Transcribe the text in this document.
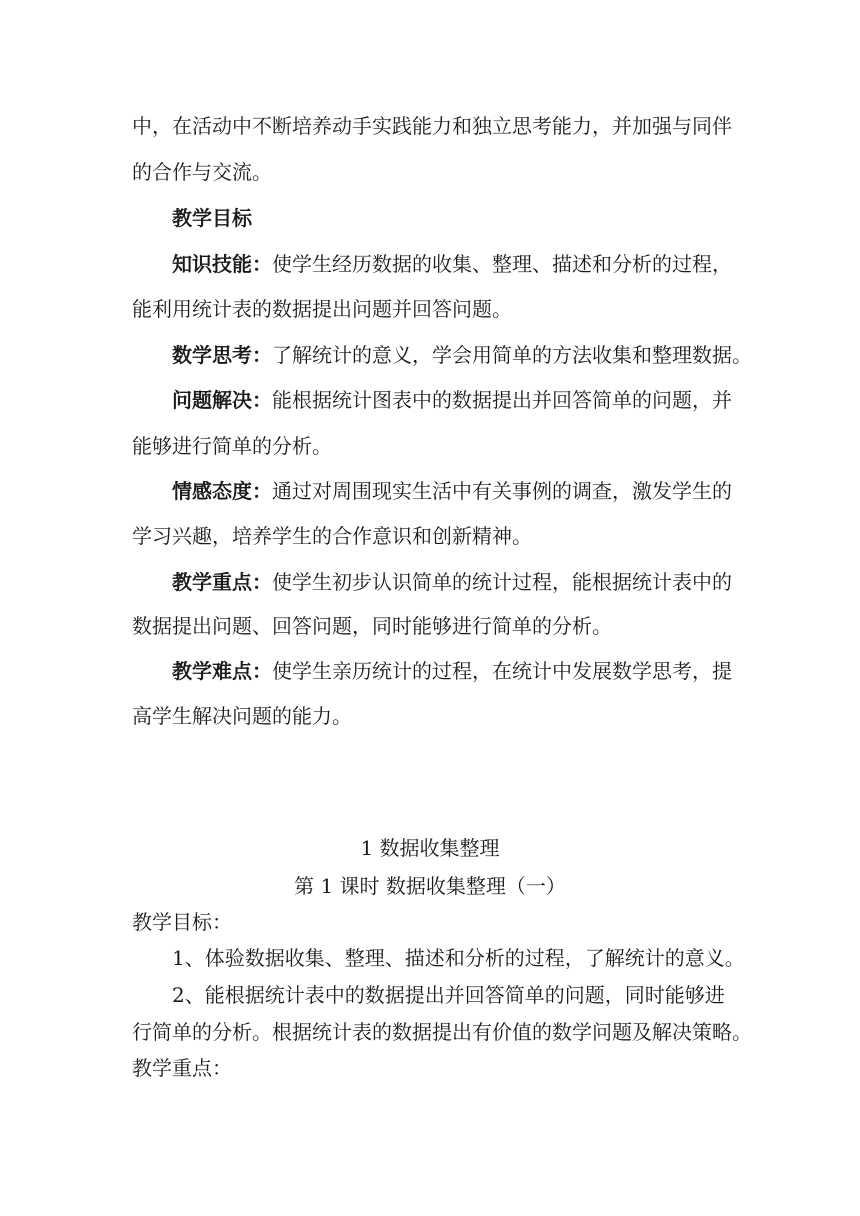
中，在活动中不断培养动手实践能力和独立思考能力，并加强与同伴
的合作与交流。
教学目标
知识技能：使学生经历数据的收集、整理、描述和分析的过程，
能利用统计表的数据提出问题并回答问题。
数学思考：了解统计的意义，学会用简单的方法收集和整理数据。
问题解决：能根据统计图表中的数据提出并回答简单的问题，并
能够进行简单的分析。
情感态度：通过对周围现实生活中有关事例的调查，激发学生的
学习兴趣，培养学生的合作意识和创新精神。
教学重点：使学生初步认识简单的统计过程，能根据统计表中的
数据提出问题、回答问题，同时能够进行简单的分析。
教学难点：使学生亲历统计的过程，在统计中发展数学思考，提
高学生解决问题的能力。
1 数据收集整理
第 1 课时 数据收集整理（一）
教学目标：
1、体验数据收集、整理、描述和分析的过程，了解统计的意义。
2、能根据统计表中的数据提出并回答简单的问题，同时能够进
行简单的分析。根据统计表的数据提出有价值的数学问题及解决策略。
教学重点：
